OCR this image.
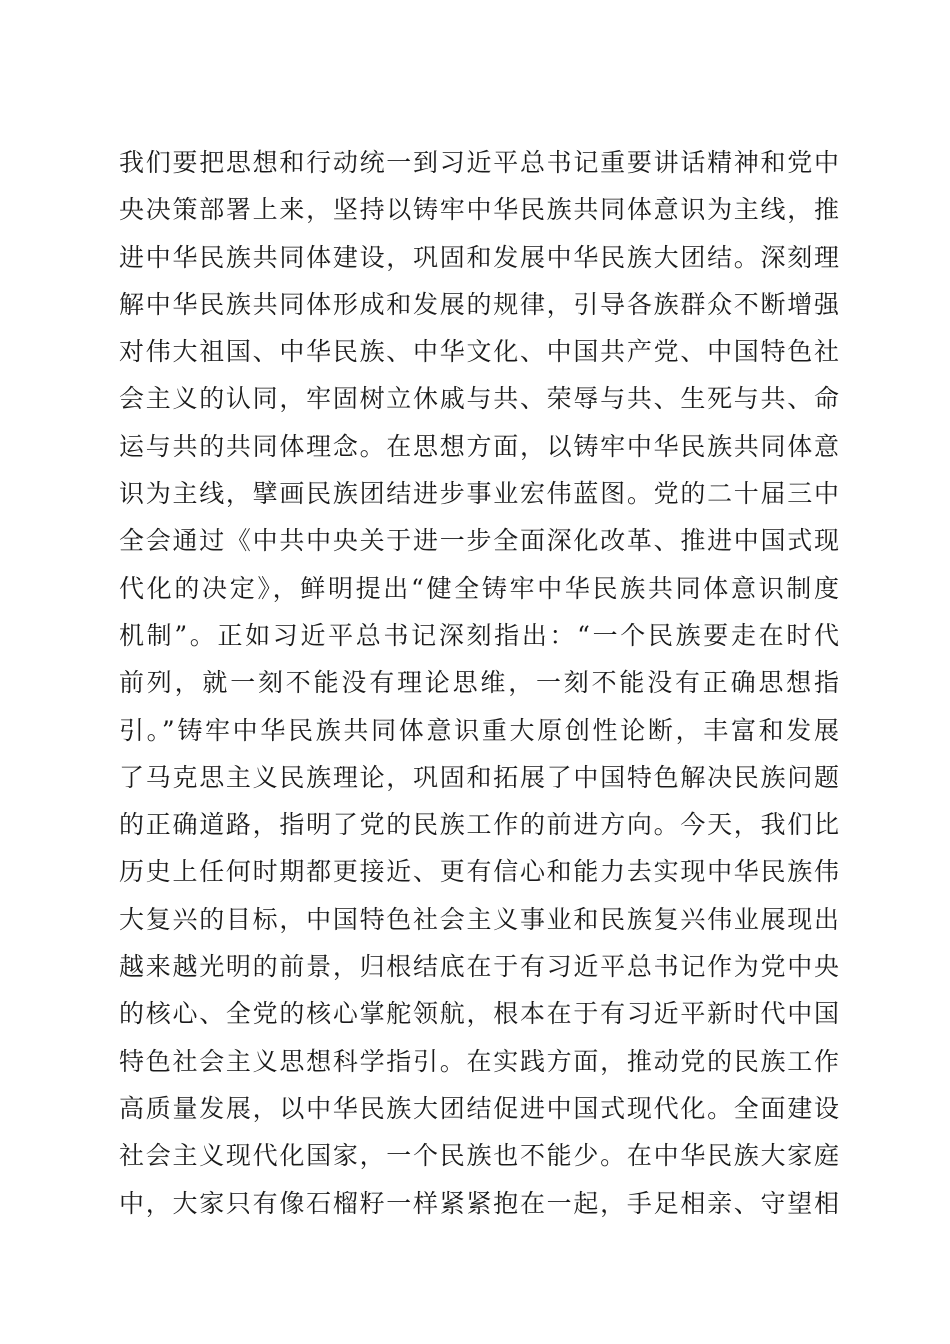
我们要把思想和行动统一到习近平总书记重要讲话精神和党中
央决策部署上来，坚持以铸牢中华民族共同体意识为主线，推
进中华民族共同体建设，巩固和发展中华民族大团结。深刻理
解中华民族共同体形成和发展的规律，引导各族群众不断增强
对伟大祖国、中华民族、中华文化、中国共产党、中国特色社
会主义的认同，牢固树立休戚与共、荣辱与共、生死与共、命
运与共的共同体理念。在思想方面，以铸牢中华民族共同体意
识为主线，擘画民族团结进步事业宏伟蓝图。党的二十届三中
全会通过《中共中央关于进一步全面深化改革、推进中国式现
代化的决定》，鲜明提出“健全铸牢中华民族共同体意识制度
机制”。正如习近平总书记深刻指出：“一个民族要走在时代
前列，就一刻不能没有理论思维，一刻不能没有正确思想指
引。”铸牢中华民族共同体意识重大原创性论断，丰富和发展
了马克思主义民族理论，巩固和拓展了中国特色解决民族问题
的正确道路，指明了党的民族工作的前进方向。今天，我们比
历史上任何时期都更接近、更有信心和能力去实现中华民族伟
大复兴的目标，中国特色社会主义事业和民族复兴伟业展现出
越来越光明的前景，归根结底在于有习近平总书记作为党中央
的核心、全党的核心掌舵领航，根本在于有习近平新时代中国
特色社会主义思想科学指引。在实践方面，推动党的民族工作
高质量发展，以中华民族大团结促进中国式现代化。全面建设
社会主义现代化国家，一个民族也不能少。在中华民族大家庭
中，大家只有像石榴籽一样紧紧抱在一起，手足相亲、守望相
